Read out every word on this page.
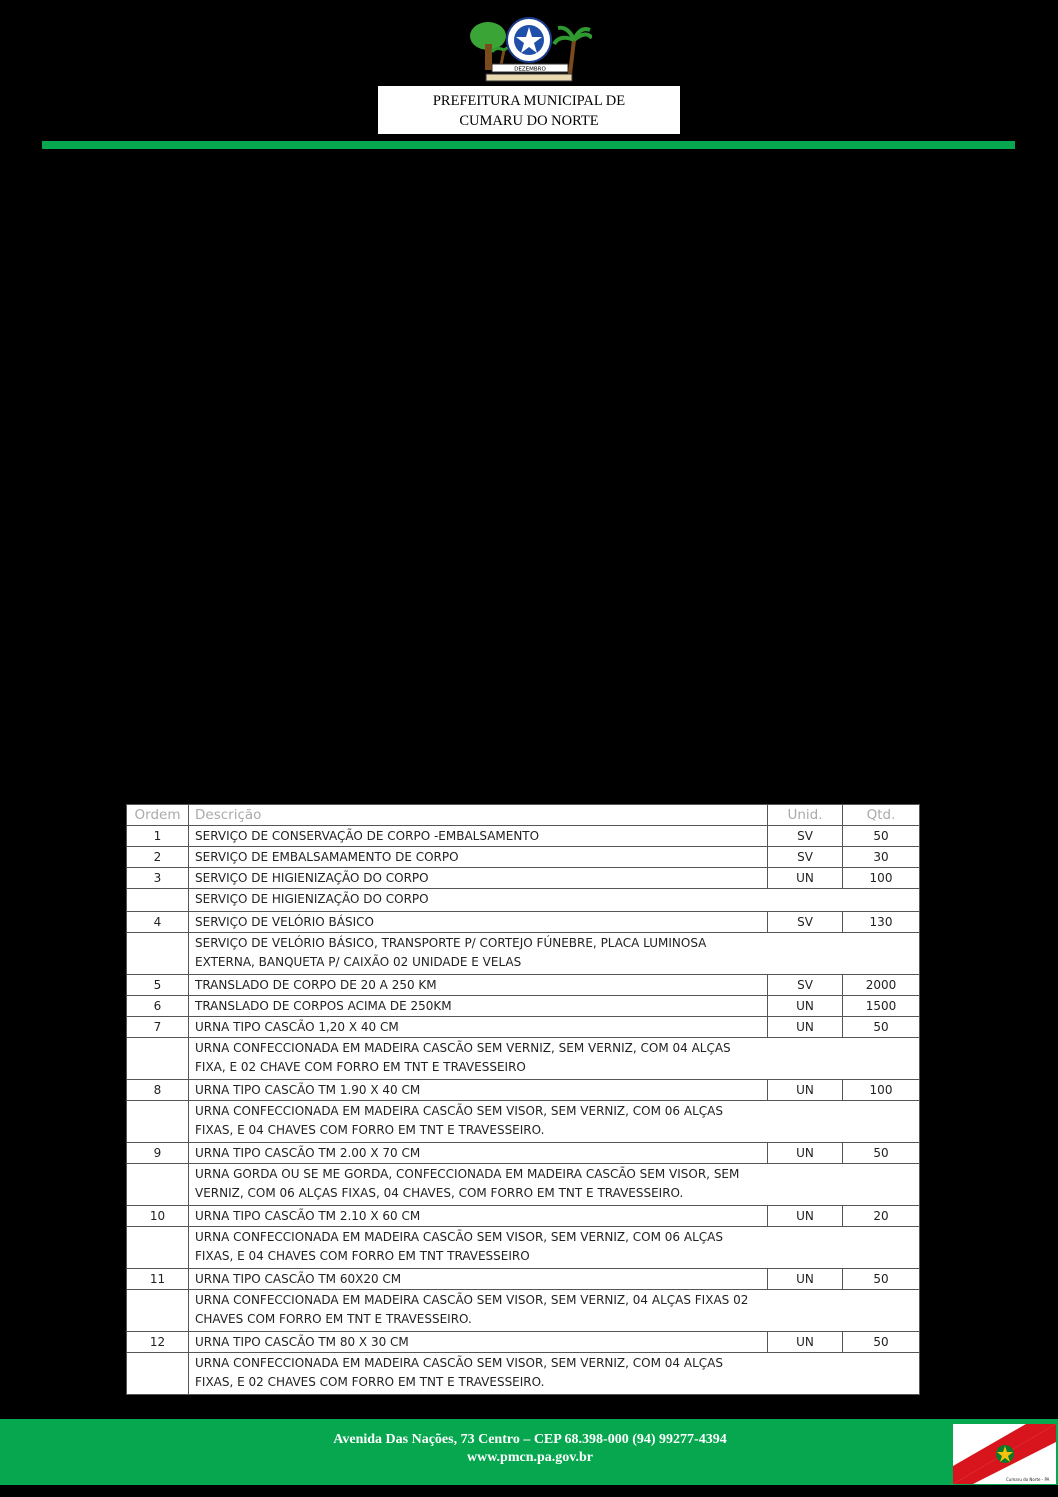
DEZEMBRO
PREFEITURA MUNICIPAL DE
CUMARU DO NORTE
Ordem	Descrição	Unid.	Qtd.
1	SERVIÇO DE CONSERVAÇÃO DE CORPO -EMBALSAMENTO	SV	50
2	SERVIÇO DE EMBALSAMAMENTO DE CORPO	SV	30
3	SERVIÇO DE HIGIENIZAÇÃO DO CORPO	UN	100

	SERVIÇO DE HIGIENIZAÇÃO DO CORPO		

4	SERVIÇO DE VELÓRIO BÁSICO	SV	130

	SERVIÇO DE VELÓRIO BÁSICO, TRANSPORTE P/ CORTEJO FÚNEBRE, PLACA LUMINOSA EXTERNA, BANQUETA P/ CAIXÃO 02 UNIDADE E VELAS		

5	TRANSLADO DE CORPO DE 20 A 250 KM	SV	2000
6	TRANSLADO DE CORPOS ACIMA DE 250KM	UN	1500
7	URNA TIPO CASCÃO 1,20 X 40 CM	UN	50

	URNA CONFECCIONADA EM MADEIRA CASCÃO SEM VERNIZ, SEM VERNIZ, COM 04 ALÇAS FIXA, E 02 CHAVE COM FORRO EM TNT E TRAVESSEIRO		

8	URNA TIPO CASCÃO TM 1.90 X 40 CM	UN	100

	URNA CONFECCIONADA EM MADEIRA CASCÃO SEM VISOR, SEM VERNIZ, COM 06 ALÇAS FIXAS, E 04 CHAVES COM FORRO EM TNT E TRAVESSEIRO.		

9	URNA TIPO CASCÃO TM 2.00 X 70 CM	UN	50

	URNA GORDA OU SE ME GORDA, CONFECCIONADA EM MADEIRA CASCÃO SEM VISOR, SEM VERNIZ, COM 06 ALÇAS FIXAS, 04 CHAVES, COM FORRO EM TNT E TRAVESSEIRO.		

10	URNA TIPO CASCÃO TM 2.10 X 60 CM	UN	20

	URNA CONFECCIONADA EM MADEIRA CASCÃO SEM VISOR, SEM VERNIZ, COM 06 ALÇAS FIXAS, E 04 CHAVES COM FORRO EM TNT TRAVESSEIRO		

11	URNA TIPO CASCÃO TM 60X20 CM	UN	50

	URNA CONFECCIONADA EM MADEIRA CASCÃO SEM VISOR, SEM VERNIZ, 04 ALÇAS FIXAS 02 CHAVES COM FORRO EM TNT E TRAVESSEIRO.		

12	URNA TIPO CASCÃO TM 80 X 30 CM	UN	50

	URNA CONFECCIONADA EM MADEIRA CASCÃO SEM VISOR, SEM VERNIZ, COM 04 ALÇAS FIXAS, E 02 CHAVES COM FORRO EM TNT E TRAVESSEIRO.		
Avenida Das Nações, 73 Centro – CEP 68.398-000 (94) 99277-4394
www.pmcn.pa.gov.br
Cumaru do Norte - PA
